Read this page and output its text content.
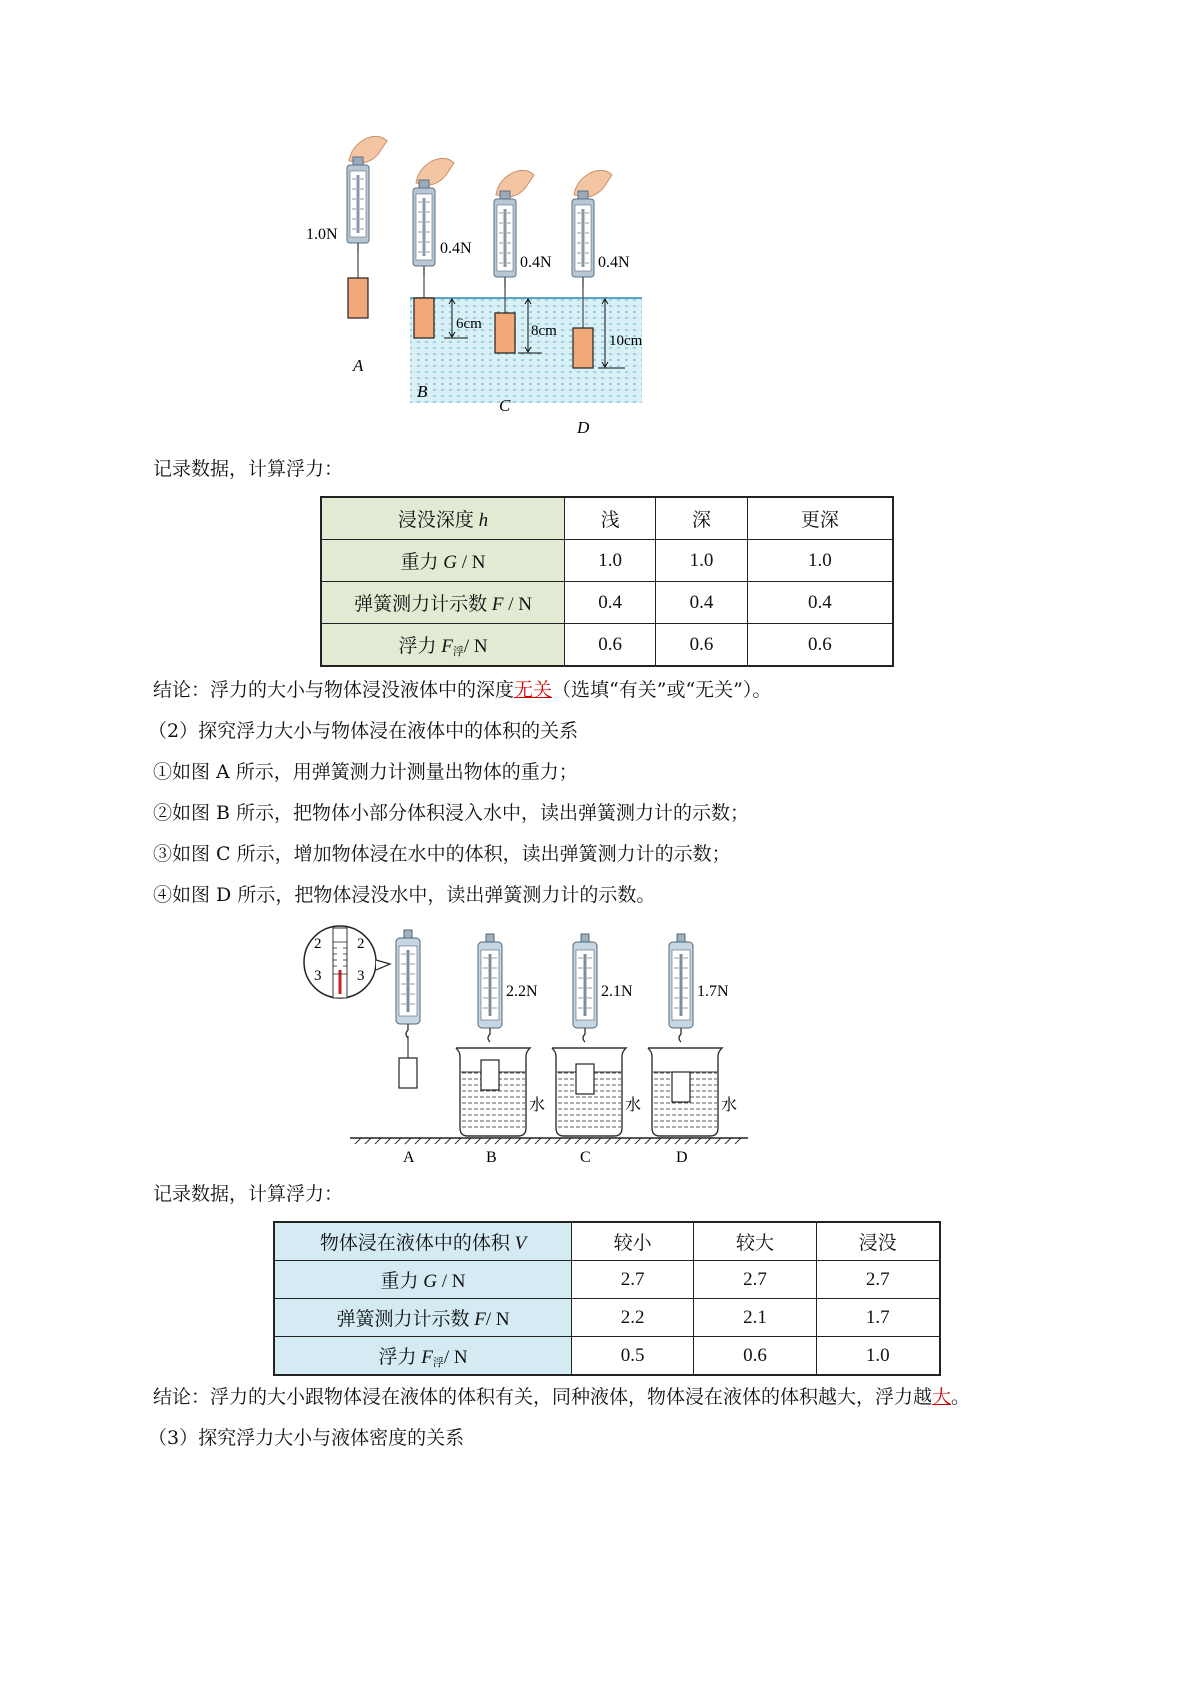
1.0N
0.4N
0.4N	0.4N
6cm	8cm
10cm
A
B
C
D
记录数据，计算浮力：
浸没深度 h	浅	深	更深
重力 G / N	1.0	1.0	1.0
弹簧测力计示数 F / N	0.4	0.4	0.4
浮力 $F_浮/$ N	0.6	0.6	0.6
结论：浮力的大小与物体浸没液体中的深度无关（选填“有关”或“无关”）。
（2）探究浮力大小与物体浸在液体中的体积的关系
①如图 A 所示，用弹簧测力计测量出物体的重力；
②如图 B 所示，把物体小部分体积浸入水中，读出弹簧测力计的示数；
③如图 C 所示，增加物体浸在水中的体积，读出弹簧测力计的示数；
④如图 D 所示，把物体浸没水中，读出弹簧测力计的示数。
2 2
3 3
2.2N	2.1N	1.7N
水	水	水
A	B	C	D
记录数据，计算浮力：
物体浸在液体中的体积 V	较小	较大	浸没
重力 G / N	2.7	2.7	2.7
弹簧测力计示数 F/ N	2.2	2.1	1.7
浮力 $F_浮/$ N	0.5	0.6	1.0
结论：浮力的大小跟物体浸在液体的体积有关，同种液体，物体浸在液体的体积越大，浮力越大。
（3）探究浮力大小与液体密度的关系
